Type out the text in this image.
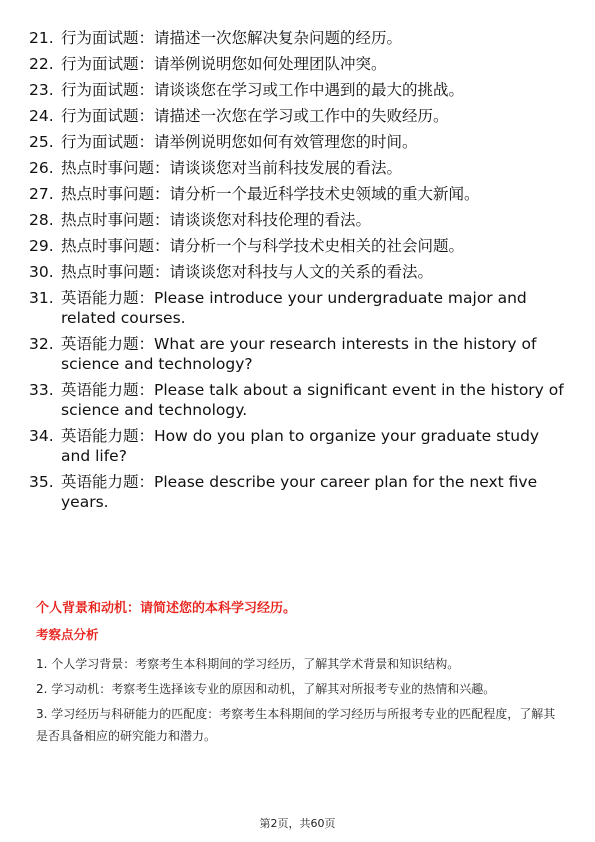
21. 行为面试题：请描述一次您解决复杂问题的经历。
22. 行为面试题：请举例说明您如何处理团队冲突。
23. 行为面试题：请谈谈您在学习或工作中遇到的最大的挑战。
24. 行为面试题：请描述一次您在学习或工作中的失败经历。
25. 行为面试题：请举例说明您如何有效管理您的时间。
26. 热点时事问题：请谈谈您对当前科技发展的看法。
27. 热点时事问题：请分析一个最近科学技术史领域的重大新闻。
28. 热点时事问题：请谈谈您对科技伦理的看法。
29. 热点时事问题：请分析一个与科学技术史相关的社会问题。
30. 热点时事问题：请谈谈您对科技与人文的关系的看法。
31. 英语能力题：Please introduce your undergraduate major and related courses.
32. 英语能力题：What are your research interests in the history of science and technology?
33. 英语能力题：Please talk about a significant event in the history of science and technology.
34. 英语能力题：How do you plan to organize your graduate study and life?
35. 英语能力题：Please describe your career plan for the next five years.
个人背景和动机：请简述您的本科学习经历。
考察点分析
1. 个人学习背景：考察考生本科期间的学习经历，了解其学术背景和知识结构。
2. 学习动机：考察考生选择该专业的原因和动机，了解其对所报考专业的热情和兴趣。
3. 学习经历与科研能力的匹配度：考察考生本科期间的学习经历与所报考专业的匹配程度，了解其是否具备相应的研究能力和潜力。
第2页，共60页
